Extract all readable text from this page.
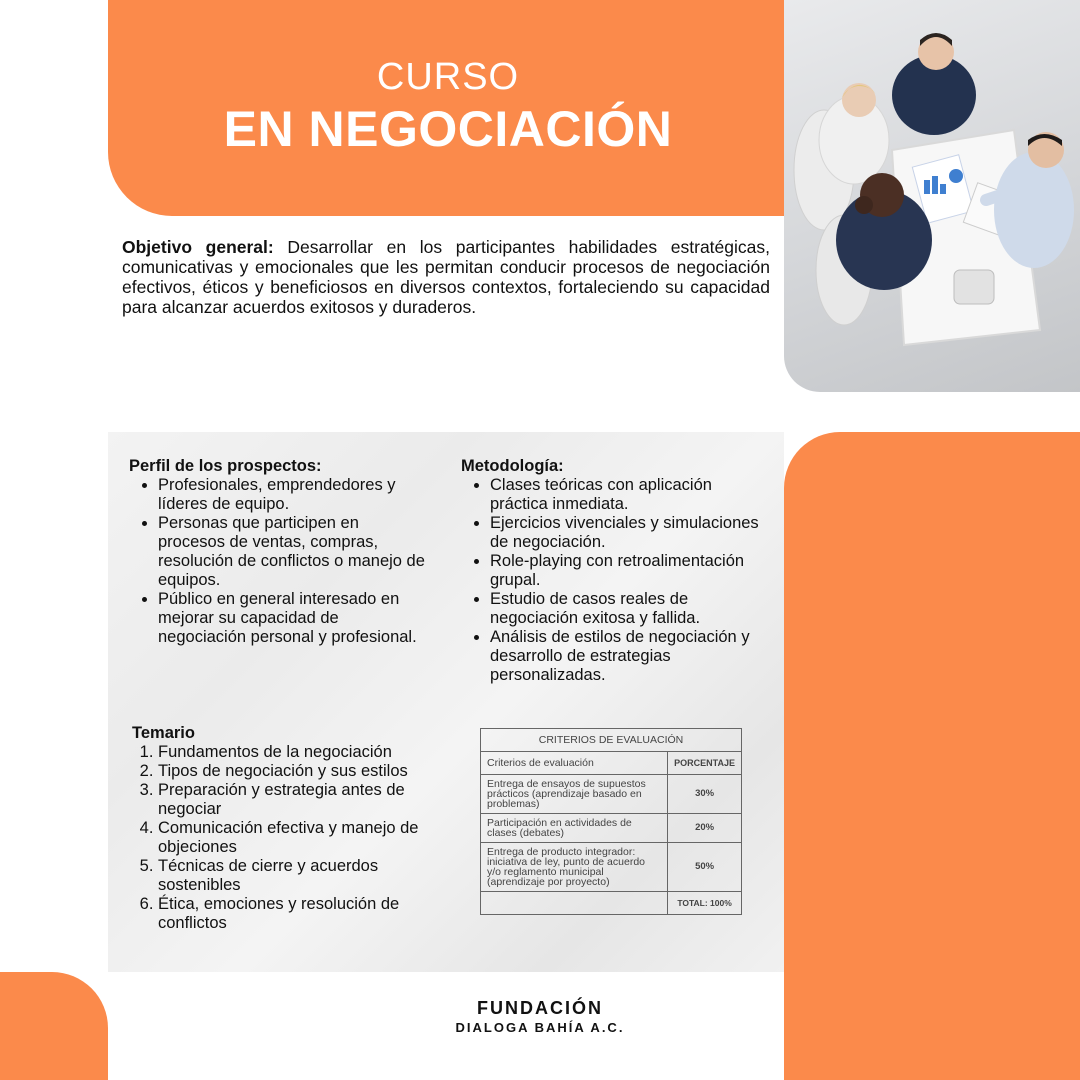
CURSO
EN NEGOCIACIÓN
Objetivo general: Desarrollar en los participantes habilidades estratégicas, comunicativas y emocionales que les permitan conducir procesos de negociación efectivos, éticos y beneficiosos en diversos contextos, fortaleciendo su capacidad para alcanzar acuerdos exitosos y duraderos.
Perfil de los prospectos:
• Profesionales, emprendedores y líderes de equipo.
• Personas que participen en procesos de ventas, compras, resolución de conflictos o manejo de equipos.
• Público en general interesado en mejorar su capacidad de negociación personal y profesional.
Metodología:
• Clases teóricas con aplicación práctica inmediata.
• Ejercicios vivenciales y simulaciones de negociación.
• Role-playing con retroalimentación grupal.
• Estudio de casos reales de negociación exitosa y fallida.
• Análisis de estilos de negociación y desarrollo de estrategias personalizadas.
Temario
1. Fundamentos de la negociación
2. Tipos de negociación y sus estilos
3. Preparación y estrategia antes de negociar
4. Comunicación efectiva y manejo de objeciones
5. Técnicas de cierre y acuerdos sostenibles
6. Ética, emociones y resolución de conflictos
CRITERIOS DE EVALUACIÓN	
Criterios de evaluación	PORCENTAJE
Entrega de ensayos de supuestos prácticos (aprendizaje basado en problemas)	30%
Participación en actividades de clases (debates)	20%
Entrega de producto integrador: iniciativa de ley, punto de acuerdo y/o reglamento municipal (aprendizaje por proyecto)	50%
	TOTAL: 100%
FUNDACIÓN
DIALOGA BAHÍA A.C.
